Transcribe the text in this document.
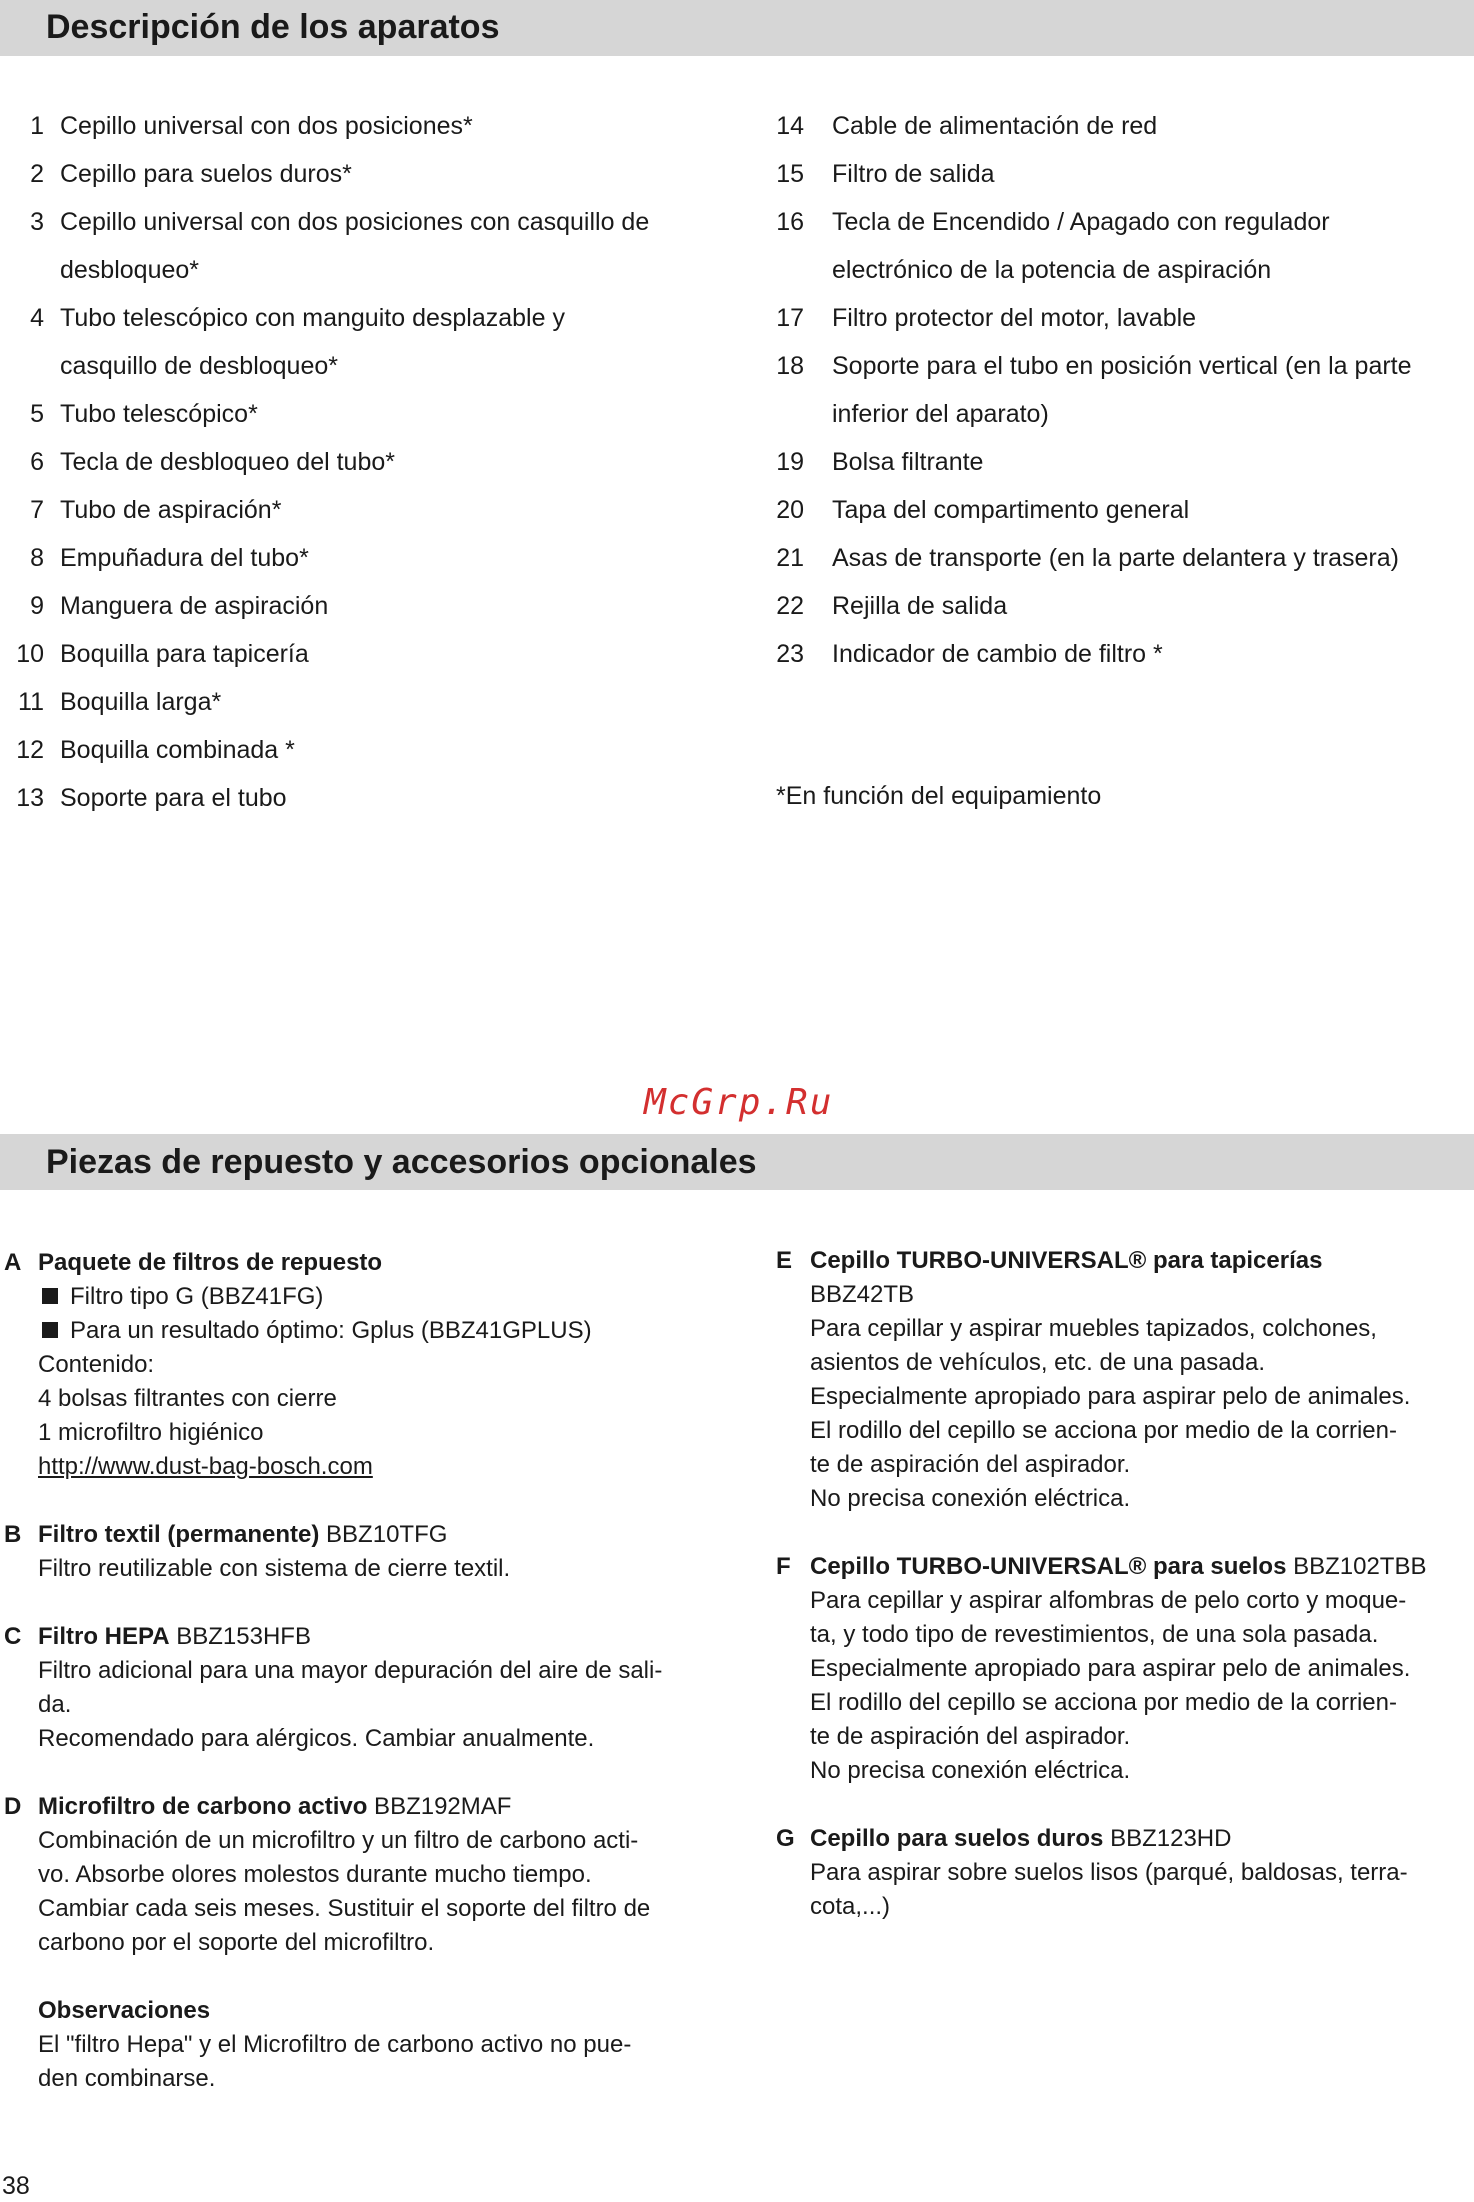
Descripción de los aparatos
1 Cepillo universal con dos posiciones*
2 Cepillo para suelos duros*
3 Cepillo universal con dos posiciones con casquillo de
desbloqueo*
4 Tubo telescópico con manguito desplazable y
casquillo de desbloqueo*
5 Tubo telescópico*
6 Tecla de desbloqueo del tubo*
7 Tubo de aspiración*
8 Empuñadura del tubo*
9 Manguera de aspiración
10 Boquilla para tapicería
11 Boquilla larga*
12 Boquilla combinada *
13 Soporte para el tubo
14 Cable de alimentación de red
15 Filtro de salida
16 Tecla de Encendido / Apagado con regulador
electrónico de la potencia de aspiración
17 Filtro protector del motor, lavable
18 Soporte para el tubo en posición vertical (en la parte
inferior del aparato)
19 Bolsa filtrante
20 Tapa del compartimento general
21 Asas de transporte (en la parte delantera y trasera)
22 Rejilla de salida
23 Indicador de cambio de filtro *
*En función del equipamiento
McGrp.Ru
Piezas de repuesto y accesorios opcionales
A Paquete de filtros de repuesto

Filtro tipo G (BBZ41FG)

Para un resultado óptimo: Gplus (BBZ41GPLUS)

Contenido:

4 bolsas filtrantes con cierre

1 microfiltro higiénico

http://www.dust-bag-bosch.com

B Filtro textil (permanente) BBZ10TFG

Filtro reutilizable con sistema de cierre textil.

C Filtro HEPA BBZ153HFB

Filtro adicional para una mayor depuración del aire de sali-

da.

Recomendado para alérgicos. Cambiar anualmente.

D Microfiltro de carbono activo BBZ192MAF

Combinación de un microfiltro y un filtro de carbono acti-

vo. Absorbe olores molestos durante mucho tiempo.

Cambiar cada seis meses. Sustituir el soporte del filtro de

carbono por el soporte del microfiltro.

Observaciones

El "filtro Hepa" y el Microfiltro de carbono activo no pue-

den combinarse.

E Cepillo TURBO-UNIVERSAL® para tapicerías

BBZ42TB

Para cepillar y aspirar muebles tapizados, colchones,

asientos de vehículos, etc. de una pasada.

Especialmente apropiado para aspirar pelo de animales.

El rodillo del cepillo se acciona por medio de la corrien-

te de aspiración del aspirador.

No precisa conexión eléctrica.

F Cepillo TURBO-UNIVERSAL® para suelos BBZ102TBB

Para cepillar y aspirar alfombras de pelo corto y moque-

ta, y todo tipo de revestimientos, de una sola pasada.

Especialmente apropiado para aspirar pelo de animales.

El rodillo del cepillo se acciona por medio de la corrien-

te de aspiración del aspirador.

No precisa conexión eléctrica.

G Cepillo para suelos duros BBZ123HD

Para aspirar sobre suelos lisos (parqué, baldosas, terra-

cota,...)

38
